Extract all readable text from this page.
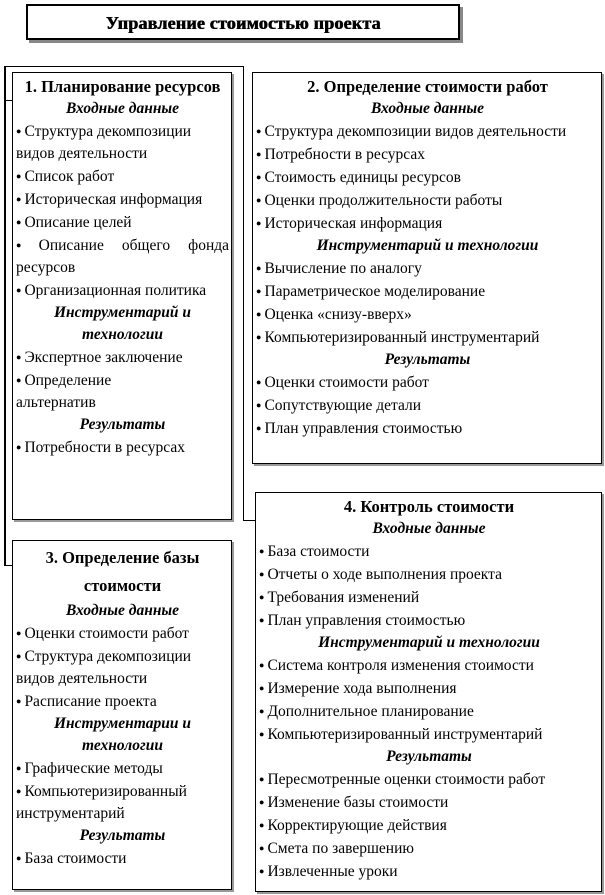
Управление стоимостью проекта
1. Планирование ресурсов
Входные данные
● Структура декомпозиции видов деятельности
● Список работ
● Историческая информация
● Описание целей
● Описание общего фонда ресурсов
● Организационная политика
Инструментарий и технологии
● Экспертное заключение
● Определение альтернатив
Результаты
● Потребности в ресурсах
2. Определение стоимости работ
Входные данные
● Структура декомпозиции видов деятельности
● Потребности в ресурсах
● Стоимость единицы ресурсов
● Оценки продолжительности работы
● Историческая информация
Инструментарий и технологии
● Вычисление по аналогу
● Параметрическое моделирование
● Оценка «снизу-вверх»
● Компьютеризированный инструментарий
Результаты
● Оценки стоимости работ
● Сопутствующие детали
● План управления стоимостью
3. Определение базы стоимости
Входные данные
● Оценки стоимости работ
● Структура декомпозиции видов деятельности
● Расписание проекта
Инструментарии и технологии
● Графические методы
● Компьютеризированный инструментарий
Результаты
● База стоимости
4. Контроль стоимости
Входные данные
● База стоимости
● Отчеты о ходе выполнения проекта
● Требования изменений
● План управления стоимостью
Инструментарий и технологии
● Система контроля изменения стоимости
● Измерение хода выполнения
● Дополнительное планирование
● Компьютеризированный инструментарий
Результаты
● Пересмотренные оценки стоимости работ
● Изменение базы стоимости
● Корректирующие действия
● Смета по завершению
● Извлеченные уроки
